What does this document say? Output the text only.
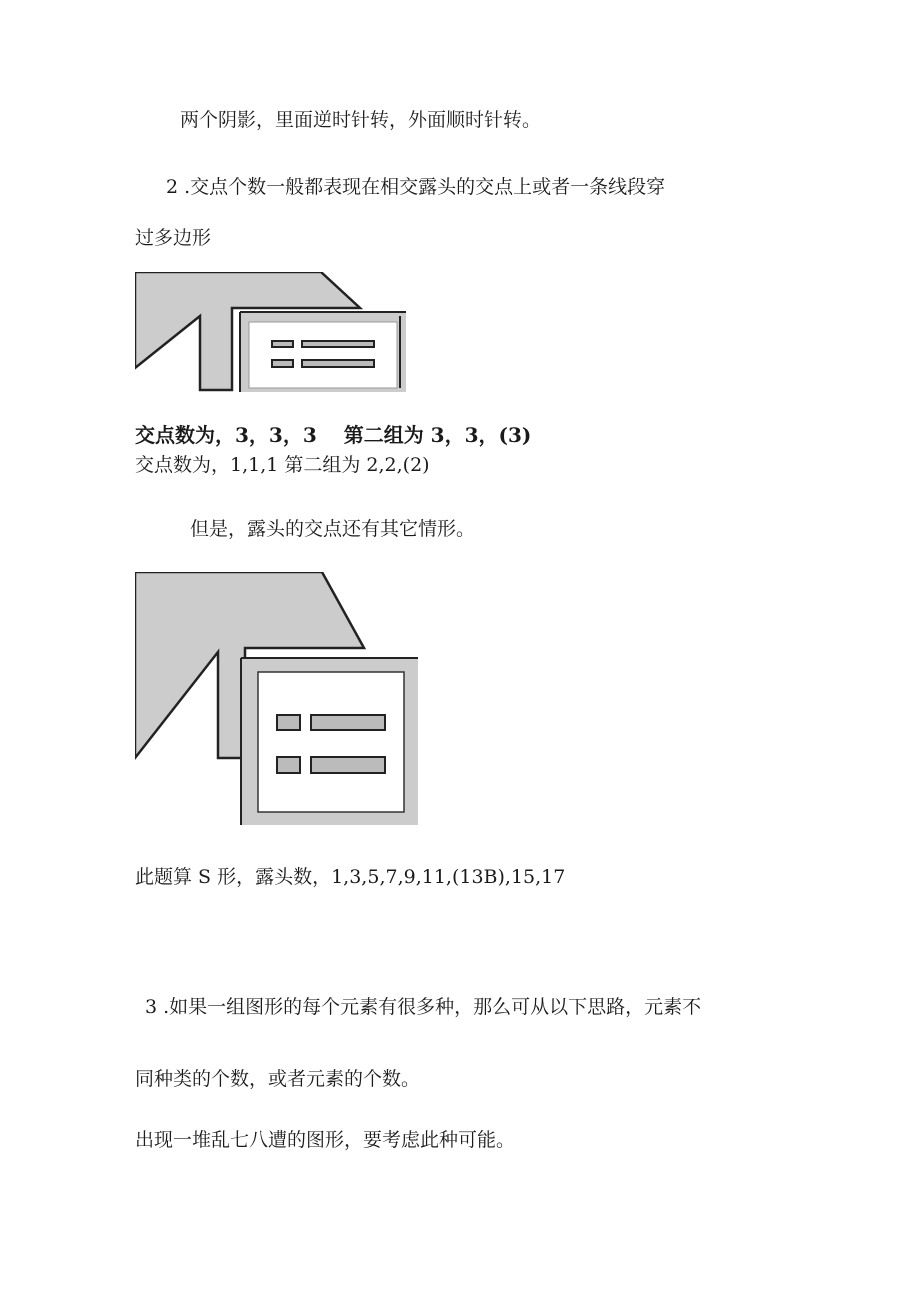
两个阴影，里面逆时针转，外面顺时针转。
2 .交点个数一般都表现在相交露头的交点上或者一条线段穿
过多边形
交点数为，3，3，3　 第二组为 3，3，(3)
交点数为，1,1,1 第二组为 2,2,(2)
但是，露头的交点还有其它情形。
此题算 S 形，露头数，1,3,5,7,9,11,(13B),15,17
3 .如果一组图形的每个元素有很多种，那么可从以下思路，元素不
同种类的个数，或者元素的个数。
出现一堆乱七八遭的图形，要考虑此种可能。
